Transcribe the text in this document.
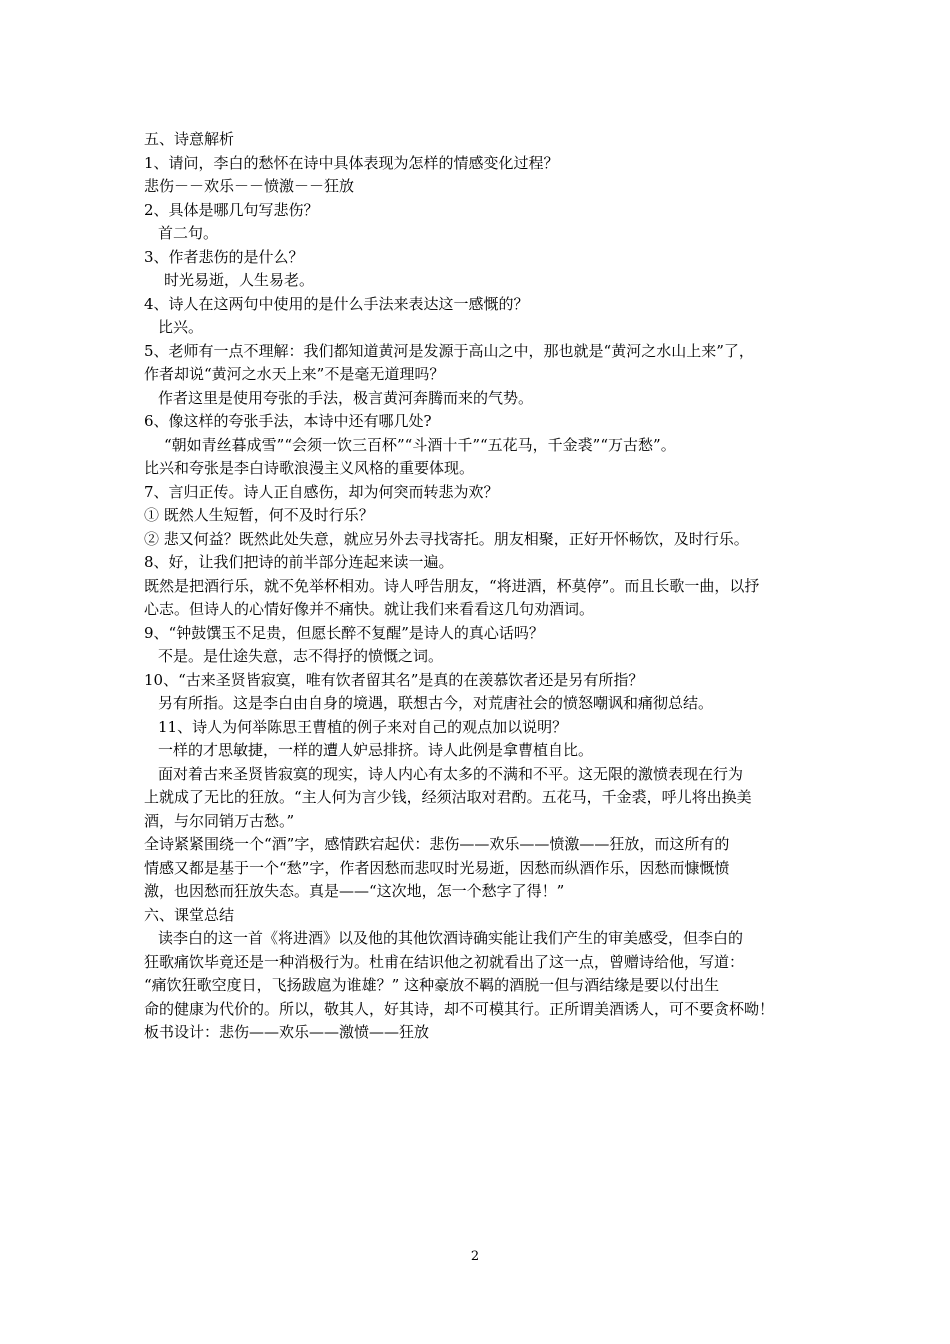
五、诗意解析
1、请问，李白的愁怀在诗中具体表现为怎样的情感变化过程？
悲伤－－欢乐－－愤激－－狂放
2、具体是哪几句写悲伤？
首二句。
3、作者悲伤的是什么？
时光易逝，人生易老。
4、诗人在这两句中使用的是什么手法来表达这一感慨的？
比兴。
5、老师有一点不理解：我们都知道黄河是发源于高山之中，那也就是“黄河之水山上来”了，
作者却说“黄河之水天上来”不是毫无道理吗？
作者这里是使用夸张的手法，极言黄河奔腾而来的气势。
6、像这样的夸张手法，本诗中还有哪几处?
“朝如青丝暮成雪”“会须一饮三百杯”“斗酒十千”“五花马，千金裘”“万古愁”。
比兴和夸张是李白诗歌浪漫主义风格的重要体现。
7、言归正传。诗人正自感伤，却为何突而转悲为欢？
① 既然人生短暂，何不及时行乐？
② 悲又何益？既然此处失意，就应另外去寻找寄托。朋友相聚，正好开怀畅饮，及时行乐。
8、好，让我们把诗的前半部分连起来读一遍。
既然是把酒行乐，就不免举杯相劝。诗人呼告朋友，“将进酒，杯莫停”。而且长歌一曲，以抒
心志。但诗人的心情好像并不痛快。就让我们来看看这几句劝酒词。
9、“钟鼓馔玉不足贵，但愿长醉不复醒”是诗人的真心话吗？
不是。是仕途失意，志不得抒的愤慨之词。
10、“古来圣贤皆寂寞，唯有饮者留其名”是真的在羡慕饮者还是另有所指？
另有所指。这是李白由自身的境遇，联想古今，对荒唐社会的愤怒嘲讽和痛彻总结。
11、诗人为何举陈思王曹植的例子来对自己的观点加以说明？
一样的才思敏捷，一样的遭人妒忌排挤。诗人此例是拿曹植自比。
面对着古来圣贤皆寂寞的现实，诗人内心有太多的不满和不平。这无限的激愤表现在行为
上就成了无比的狂放。“主人何为言少钱，经须沽取对君酌。五花马，千金裘，呼儿将出换美
酒，与尔同销万古愁。”
全诗紧紧围绕一个“酒”字，感情跌宕起伏：悲伤——欢乐——愤激——狂放，而这所有的
情感又都是基于一个“愁”字，作者因愁而悲叹时光易逝，因愁而纵酒作乐，因愁而慷慨愤
激，也因愁而狂放失态。真是——“这次地，怎一个愁字了得！”
六、课堂总结
读李白的这一首《将进酒》以及他的其他饮酒诗确实能让我们产生的审美感受，但李白的
狂歌痛饮毕竟还是一种消极行为。杜甫在结识他之初就看出了这一点，曾赠诗给他，写道：
“痛饮狂歌空度日，飞扬跋扈为谁雄？” 这种豪放不羁的酒脱一但与酒结缘是要以付出生
命的健康为代价的。所以，敬其人，好其诗，却不可模其行。正所谓美酒诱人，可不要贪杯呦！
板书设计：悲伤——欢乐——激愤——狂放
2
